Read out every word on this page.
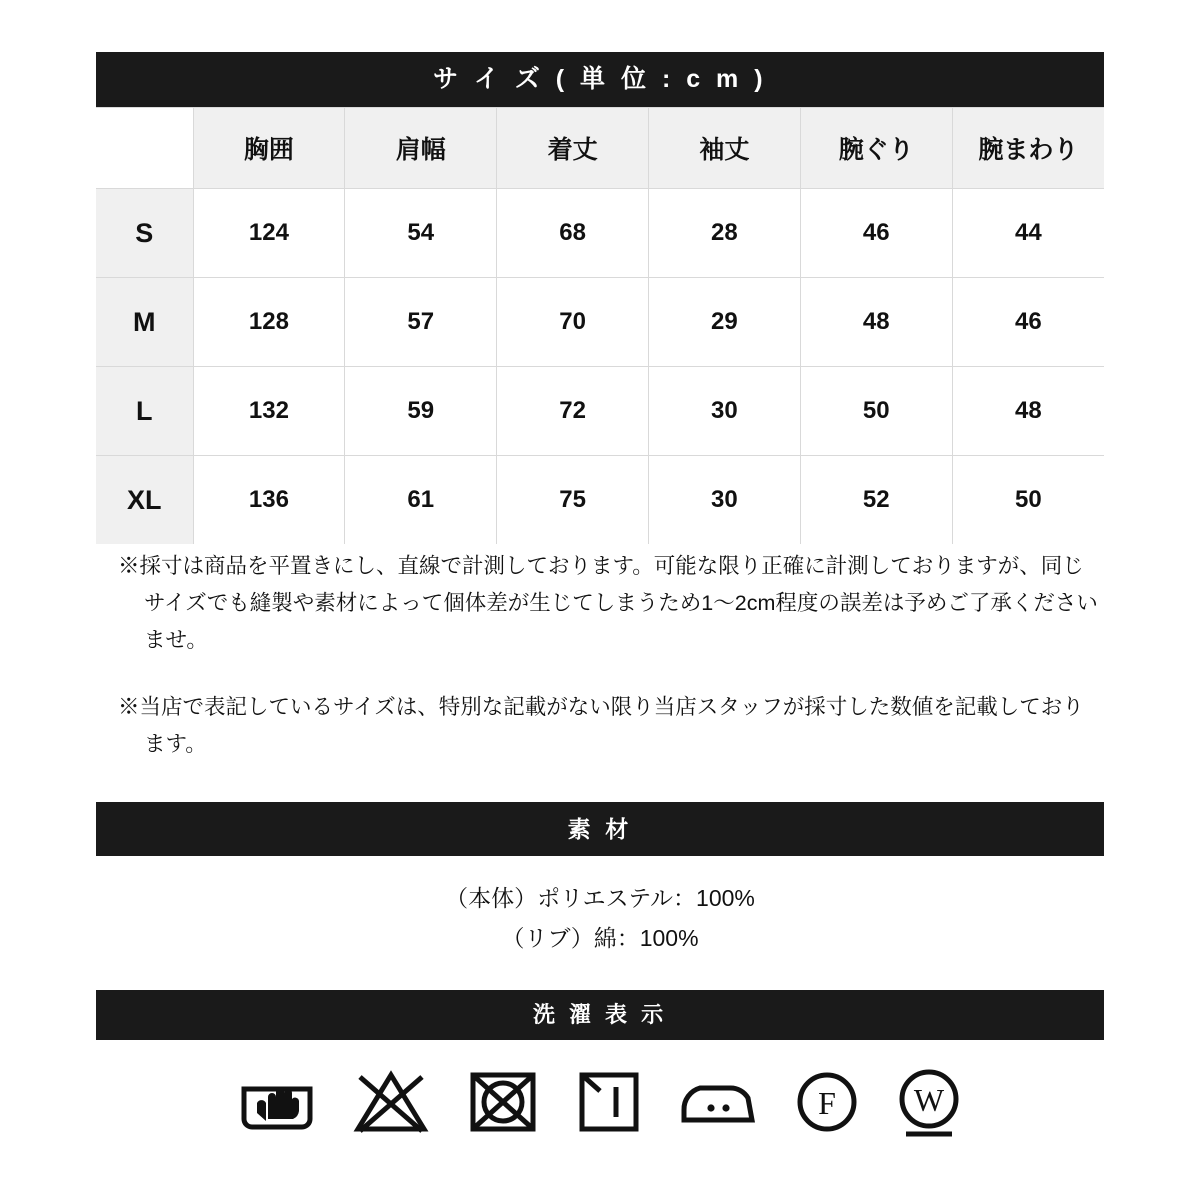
サ イ ズ ( 単 位 : c m )
	胸囲	肩幅	着丈	袖丈	腕ぐり	腕まわり
S	124	54	68	28	46	44
M	128	57	70	29	48	46
L	132	59	72	30	50	48
XL	136	61	75	30	52	50

※採寸は商品を平置きにし、直線で計測しております。可能な限り正確に計測しておりますが、同じサイズでも縫製や素材によって個体差が生じてしまうため1〜2cm程度の誤差は予めご了承くださいませ。

※当店で表記しているサイズは、特別な記載がない限り当店スタッフが採寸した数値を記載しております。

素 材
（本体）ポリエステル：100%
（リブ）綿：100%
洗 濯 表 示
F W
